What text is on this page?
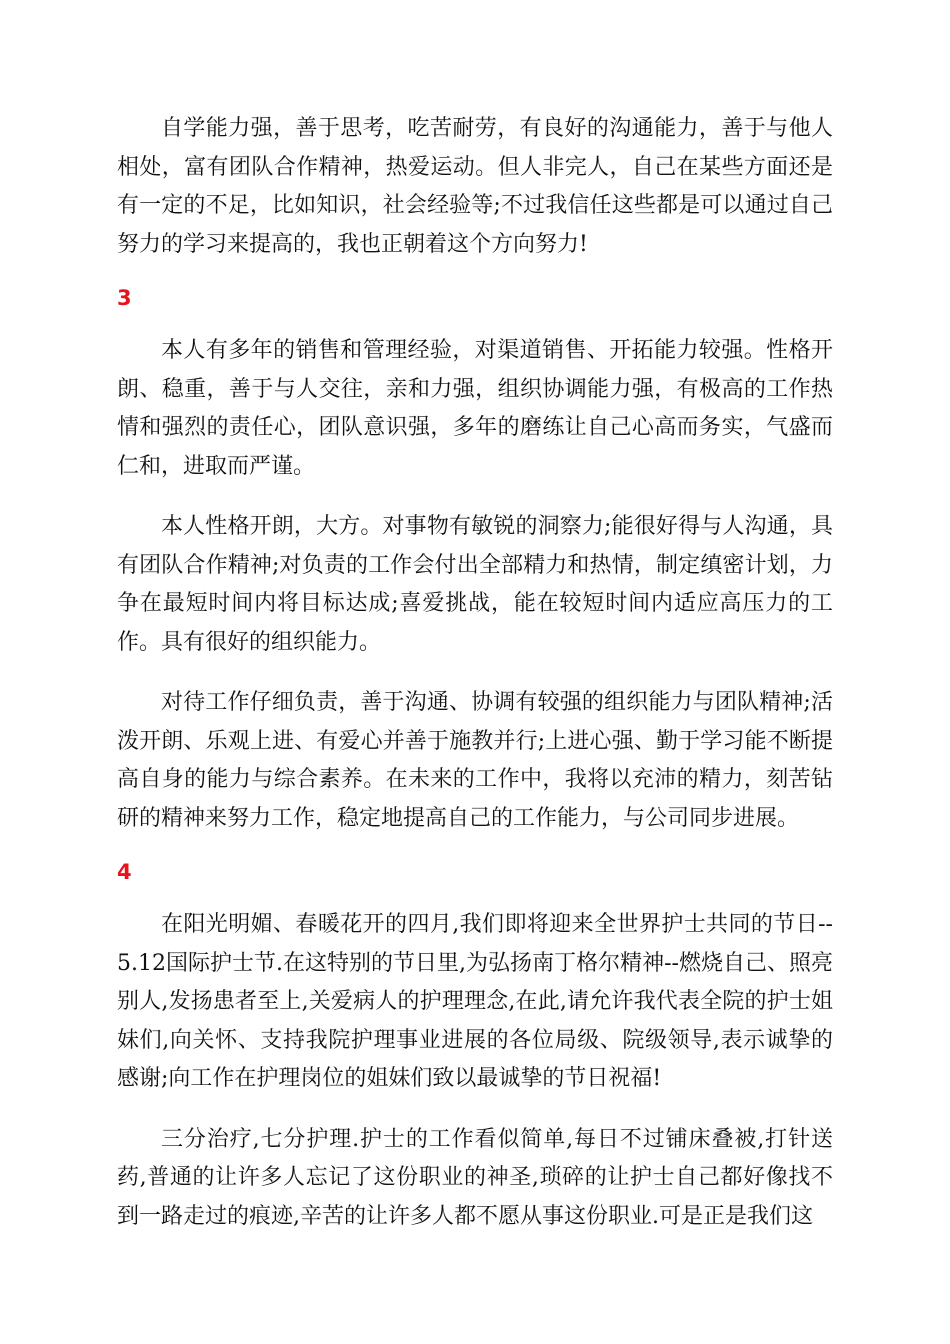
自学能力强，善于思考，吃苦耐劳，有良好的沟通能力，善于与他人相处，富有团队合作精神，热爱运动。但人非完人，自己在某些方面还是有一定的不足，比如知识，社会经验等;不过我信任这些都是可以通过自己努力的学习来提高的，我也正朝着这个方向努力!

3

本人有多年的销售和管理经验，对渠道销售、开拓能力较强。性格开朗、稳重，善于与人交往，亲和力强，组织协调能力强，有极高的工作热情和强烈的责任心，团队意识强，多年的磨练让自己心高而务实，气盛而仁和，进取而严谨。

本人性格开朗，大方。对事物有敏锐的洞察力;能很好得与人沟通，具有团队合作精神;对负责的工作会付出全部精力和热情，制定缜密计划，力争在最短时间内将目标达成;喜爱挑战，能在较短时间内适应高压力的工作。具有很好的组织能力。

对待工作仔细负责，善于沟通、协调有较强的组织能力与团队精神;活泼开朗、乐观上进、有爱心并善于施教并行;上进心强、勤于学习能不断提高自身的能力与综合素养。在未来的工作中，我将以充沛的精力，刻苦钻研的精神来努力工作，稳定地提高自己的工作能力，与公司同步进展。

4

在阳光明媚、春暖花开的四月,我们即将迎来全世界护士共同的节日--5.12国际护士节.在这特别的节日里,为弘扬南丁格尔精神--燃烧自己、照亮别人,发扬患者至上,关爱病人的护理理念,在此,请允许我代表全院的护士姐妹们,向关怀、支持我院护理事业进展的各位局级、院级领导,表示诚挚的感谢;向工作在护理岗位的姐妹们致以最诚挚的节日祝福!

三分治疗,七分护理.护士的工作看似简单,每日不过铺床叠被,打针送药,普通的让许多人忘记了这份职业的神圣,琐碎的让护士自己都好像找不到一路走过的痕迹,辛苦的让许多人都不愿从事这份职业.可是正是我们这
